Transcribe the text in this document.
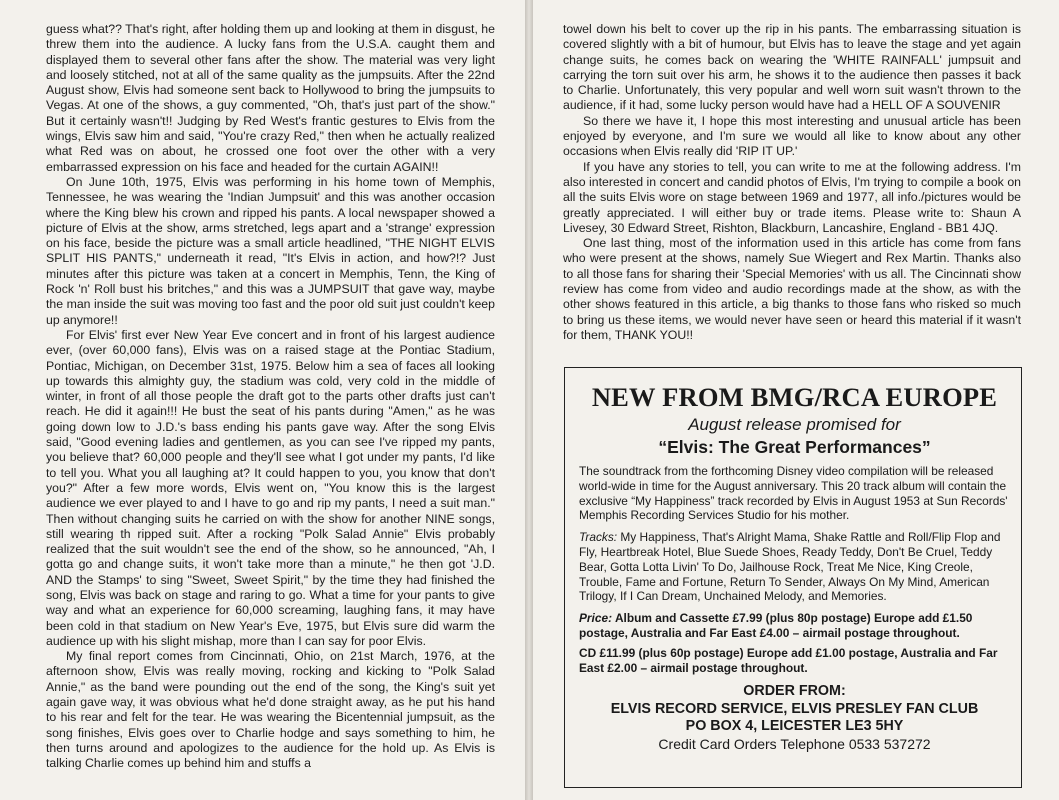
guess what?? That's right, after holding them up and looking at them in disgust, he threw them into the audience. A lucky fans from the U.S.A. caught them and displayed them to several other fans after the show. The material was very light and loosely stitched, not at all of the same quality as the jumpsuits. After the 22nd August show, Elvis had someone sent back to Hollywood to bring the jumpsuits to Vegas. At one of the shows, a guy commented, "Oh, that's just part of the show." But it certainly wasn't!! Judging by Red West's frantic gestures to Elvis from the wings, Elvis saw him and said, "You're crazy Red," then when he actually realized what Red was on about, he crossed one foot over the other with a very embarrassed expression on his face and headed for the curtain AGAIN!!

On June 10th, 1975, Elvis was performing in his home town of Memphis, Tennessee, he was wearing the 'Indian Jumpsuit' and this was another occasion where the King blew his crown and ripped his pants. A local newspaper showed a picture of Elvis at the show, arms stretched, legs apart and a 'strange' expression on his face, beside the picture was a small article headlined, "THE NIGHT ELVIS SPLIT HIS PANTS," underneath it read, "It's Elvis in action, and how?!? Just minutes after this picture was taken at a concert in Memphis, Tenn, the King of Rock 'n' Roll bust his britches," and this was a JUMPSUIT that gave way, maybe the man inside the suit was moving too fast and the poor old suit just couldn't keep up anymore!!

For Elvis' first ever New Year Eve concert and in front of his largest audience ever, (over 60,000 fans), Elvis was on a raised stage at the Pontiac Stadium, Pontiac, Michigan, on December 31st, 1975. Below him a sea of faces all looking up towards this almighty guy, the stadium was cold, very cold in the middle of winter, in front of all those people the draft got to the parts other drafts just can't reach. He did it again!!! He bust the seat of his pants during "Amen," as he was going down low to J.D.'s bass ending his pants gave way. After the song Elvis said, "Good evening ladies and gentlemen, as you can see I've ripped my pants, you believe that? 60,000 people and they'll see what I got under my pants, I'd like to tell you. What you all laughing at? It could happen to you, you know that don't you?" After a few more words, Elvis went on, "You know this is the largest audience we ever played to and I have to go and rip my pants, I need a suit man." Then without changing suits he carried on with the show for another NINE songs, still wearing th ripped suit. After a rocking "Polk Salad Annie" Elvis probably realized that the suit wouldn't see the end of the show, so he announced, "Ah, I gotta go and change suits, it won't take more than a minute," he then got 'J.D. AND the Stamps' to sing "Sweet, Sweet Spirit," by the time they had finished the song, Elvis was back on stage and raring to go. What a time for your pants to give way and what an experience for 60,000 screaming, laughing fans, it may have been cold in that stadium on New Year's Eve, 1975, but Elvis sure did warm the audience up with his slight mishap, more than I can say for poor Elvis.

My final report comes from Cincinnati, Ohio, on 21st March, 1976, at the afternoon show, Elvis was really moving, rocking and kicking to "Polk Salad Annie," as the band were pounding out the end of the song, the King's suit yet again gave way, it was obvious what he'd done straight away, as he put his hand to his rear and felt for the tear. He was wearing the Bicentennial jumpsuit, as the song finishes, Elvis goes over to Charlie hodge and says something to him, he then turns around and apologizes to the audience for the hold up. As Elvis is talking Charlie comes up behind him and stuffs a

towel down his belt to cover up the rip in his pants. The embarrassing situation is covered slightly with a bit of humour, but Elvis has to leave the stage and yet again change suits, he comes back on wearing the 'WHITE RAINFALL' jumpsuit and carrying the torn suit over his arm, he shows it to the audience then passes it back to Charlie. Unfortunately, this very popular and well worn suit wasn't thrown to the audience, if it had, some lucky person would have had a HELL OF A SOUVENIR

So there we have it, I hope this most interesting and unusual article has been enjoyed by everyone, and I'm sure we would all like to know about any other occasions when Elvis really did 'RIP IT UP.'

If you have any stories to tell, you can write to me at the following address. I'm also interested in concert and candid photos of Elvis, I'm trying to compile a book on all the suits Elvis wore on stage between 1969 and 1977, all info./pictures would be greatly appreciated. I will either buy or trade items. Please write to: Shaun A Livesey, 30 Edward Street, Rishton, Blackburn, Lancashire, England - BB1 4JQ.

One last thing, most of the information used in this article has come from fans who were present at the shows, namely Sue Wiegert and Rex Martin. Thanks also to all those fans for sharing their 'Special Memories' with us all. The Cincinnati show review has come from video and audio recordings made at the show, as with the other shows featured in this article, a big thanks to those fans who risked so much to bring us these items, we would never have seen or heard this material if it wasn't for them, THANK YOU!!

NEW FROM BMG/RCA EUROPE
August release promised for
“Elvis: The Great Performances”

The soundtrack from the forthcoming Disney video compilation will be released world-wide in time for the August anniversary. This 20 track album will contain the exclusive “My Happiness” track recorded by Elvis in August 1953 at Sun Records' Memphis Recording Services Studio for his mother.

Tracks: My Happiness, That's Alright Mama, Shake Rattle and Roll/Flip Flop and Fly, Heartbreak Hotel, Blue Suede Shoes, Ready Teddy, Don't Be Cruel, Teddy Bear, Gotta Lotta Livin' To Do, Jailhouse Rock, Treat Me Nice, King Creole, Trouble, Fame and Fortune, Return To Sender, Always On My Mind, American Trilogy, If I Can Dream, Unchained Melody, and Memories.

Price: Album and Cassette £7.99 (plus 80p postage) Europe add £1.50 postage, Australia and Far East £4.00 – airmail postage throughout.

CD £11.99 (plus 60p postage) Europe add £1.00 postage, Australia and Far East £2.00 – airmail postage throughout.

ORDER FROM:
ELVIS RECORD SERVICE, ELVIS PRESLEY FAN CLUB
PO BOX 4, LEICESTER LE3 5HY
Credit Card Orders Telephone 0533 537272
